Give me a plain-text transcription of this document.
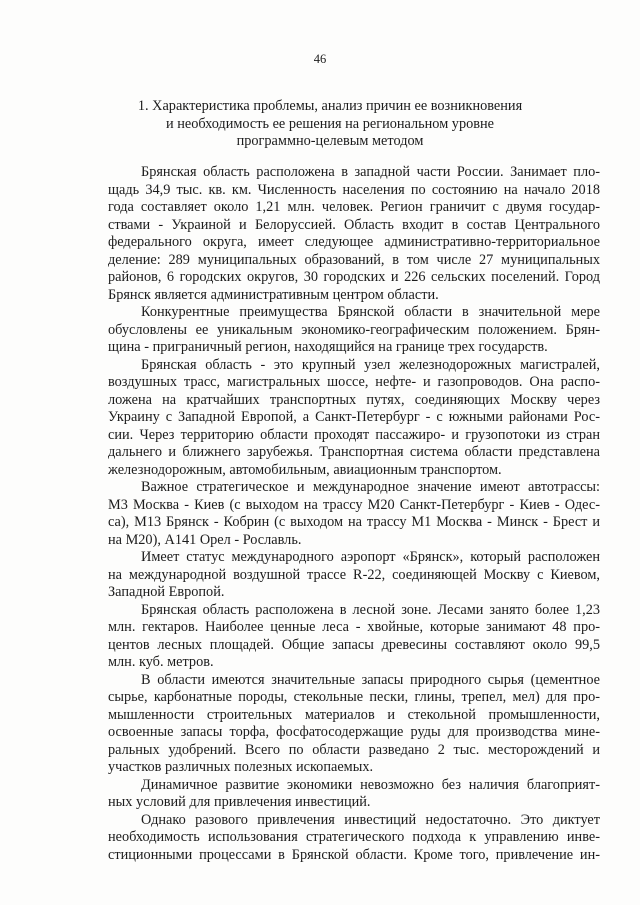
46
1. Характеристика проблемы, анализ причин ее возникновения
и необходимость ее решения на региональном уровне
программно-целевым методом

Брянская область расположена в западной части России. Занимает пло-
щадь 34,9 тыс. кв. км. Численность населения по состоянию на начало 2018
года составляет около 1,21 млн. человек. Регион граничит с двумя государ-
ствами - Украиной и Белоруссией. Область входит в состав Центрального
федерального округа, имеет следующее административно-территориальное
деление: 289 муниципальных образований, в том числе 27 муниципальных
районов, 6 городских округов, 30 городских и 226 сельских поселений. Город
Брянск является административным центром области.

Конкурентные преимущества Брянской области в значительной мере
обусловлены ее уникальным экономико-географическим положением. Брян-
щина - приграничный регион, находящийся на границе трех государств.

Брянская область - это крупный узел железнодорожных магистралей,
воздушных трасс, магистральных шоссе, нефте- и газопроводов. Она распо-
ложена на кратчайших транспортных путях, соединяющих Москву через
Украину с Западной Европой, а Санкт-Петербург - с южными районами Рос-
сии. Через территорию области проходят пассажиро- и грузопотоки из стран
дальнего и ближнего зарубежья. Транспортная система области представлена
железнодорожным, автомобильным, авиационным транспортом.

Важное стратегическое и международное значение имеют автотрассы:
М3 Москва - Киев (с выходом на трассу М20 Санкт-Петербург - Киев - Одес-
са), М13 Брянск - Кобрин (с выходом на трассу М1 Москва - Минск - Брест и
на М20), А141 Орел - Рославль.

Имеет статус международного аэропорт «Брянск», который расположен
на международной воздушной трассе R-22, соединяющей Москву с Киевом,
Западной Европой.

Брянская область расположена в лесной зоне. Лесами занято более 1,23
млн. гектаров. Наиболее ценные леса - хвойные, которые занимают 48 про-
центов лесных площадей. Общие запасы древесины составляют около 99,5
млн. куб. метров.

В области имеются значительные запасы природного сырья (цементное
сырье, карбонатные породы, стекольные пески, глины, трепел, мел) для про-
мышленности строительных материалов и стекольной промышленности,
освоенные запасы торфа, фосфатосодержащие руды для производства мине-
ральных удобрений. Всего по области разведано 2 тыс. месторождений и
участков различных полезных ископаемых.

Динамичное развитие экономики невозможно без наличия благоприят-
ных условий для привлечения инвестиций.

Однако разового привлечения инвестиций недостаточно. Это диктует
необходимость использования стратегического подхода к управлению инве-
стиционными процессами в Брянской области. Кроме того, привлечение ин-
